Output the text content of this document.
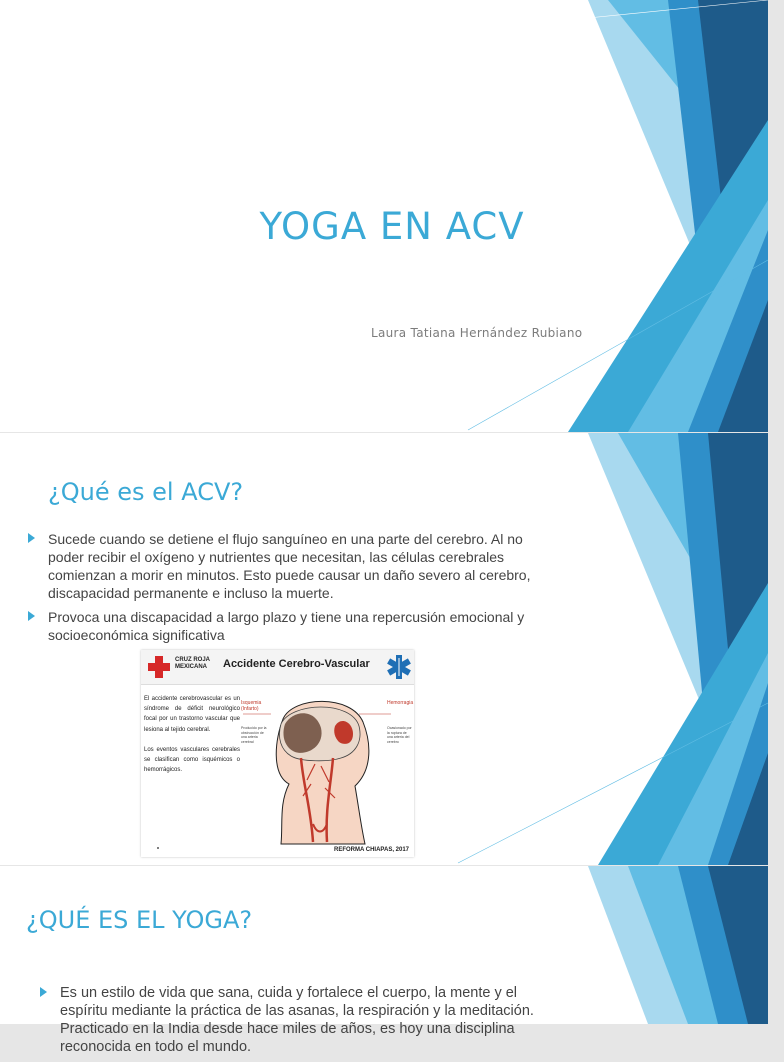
YOGA EN ACV
Laura Tatiana Hernández Rubiano
¿Qué es el ACV?
Sucede cuando se detiene el flujo sanguíneo en una parte del cerebro. Al no poder recibir el oxígeno y nutrientes que necesitan, las células cerebrales comienzan a morir en minutos. Esto puede causar un daño severo al cerebro, discapacidad permanente e incluso la muerte.
Provoca una discapacidad a largo plazo y tiene una repercusión emocional y socioeconómica significativa
CRUZ ROJA
MEXICANA Accidente Cerebro-Vascular

El accidente cerebrovascular es un síndrome de déficit neurológico focal por un trastorno vascular que lesiona al tejido cerebral.

Los eventos vasculares cerebrales se clasifican como isquémicos o hemorrágicos.

Isquemia
(Infarto)
Hemorragia
Producido por la obstrucción de una arteria cerebral
Ocasionado por la ruptura de una arteria del cerebro
REFORMA CHIAPAS, 2017
¿QUÉ ES EL YOGA?
Es un estilo de vida que sana, cuida y fortalece el cuerpo, la mente y el espíritu mediante la práctica de las asanas, la respiración y la meditación. Practicado en la India desde hace miles de años, es hoy una disciplina reconocida en todo el mundo.
